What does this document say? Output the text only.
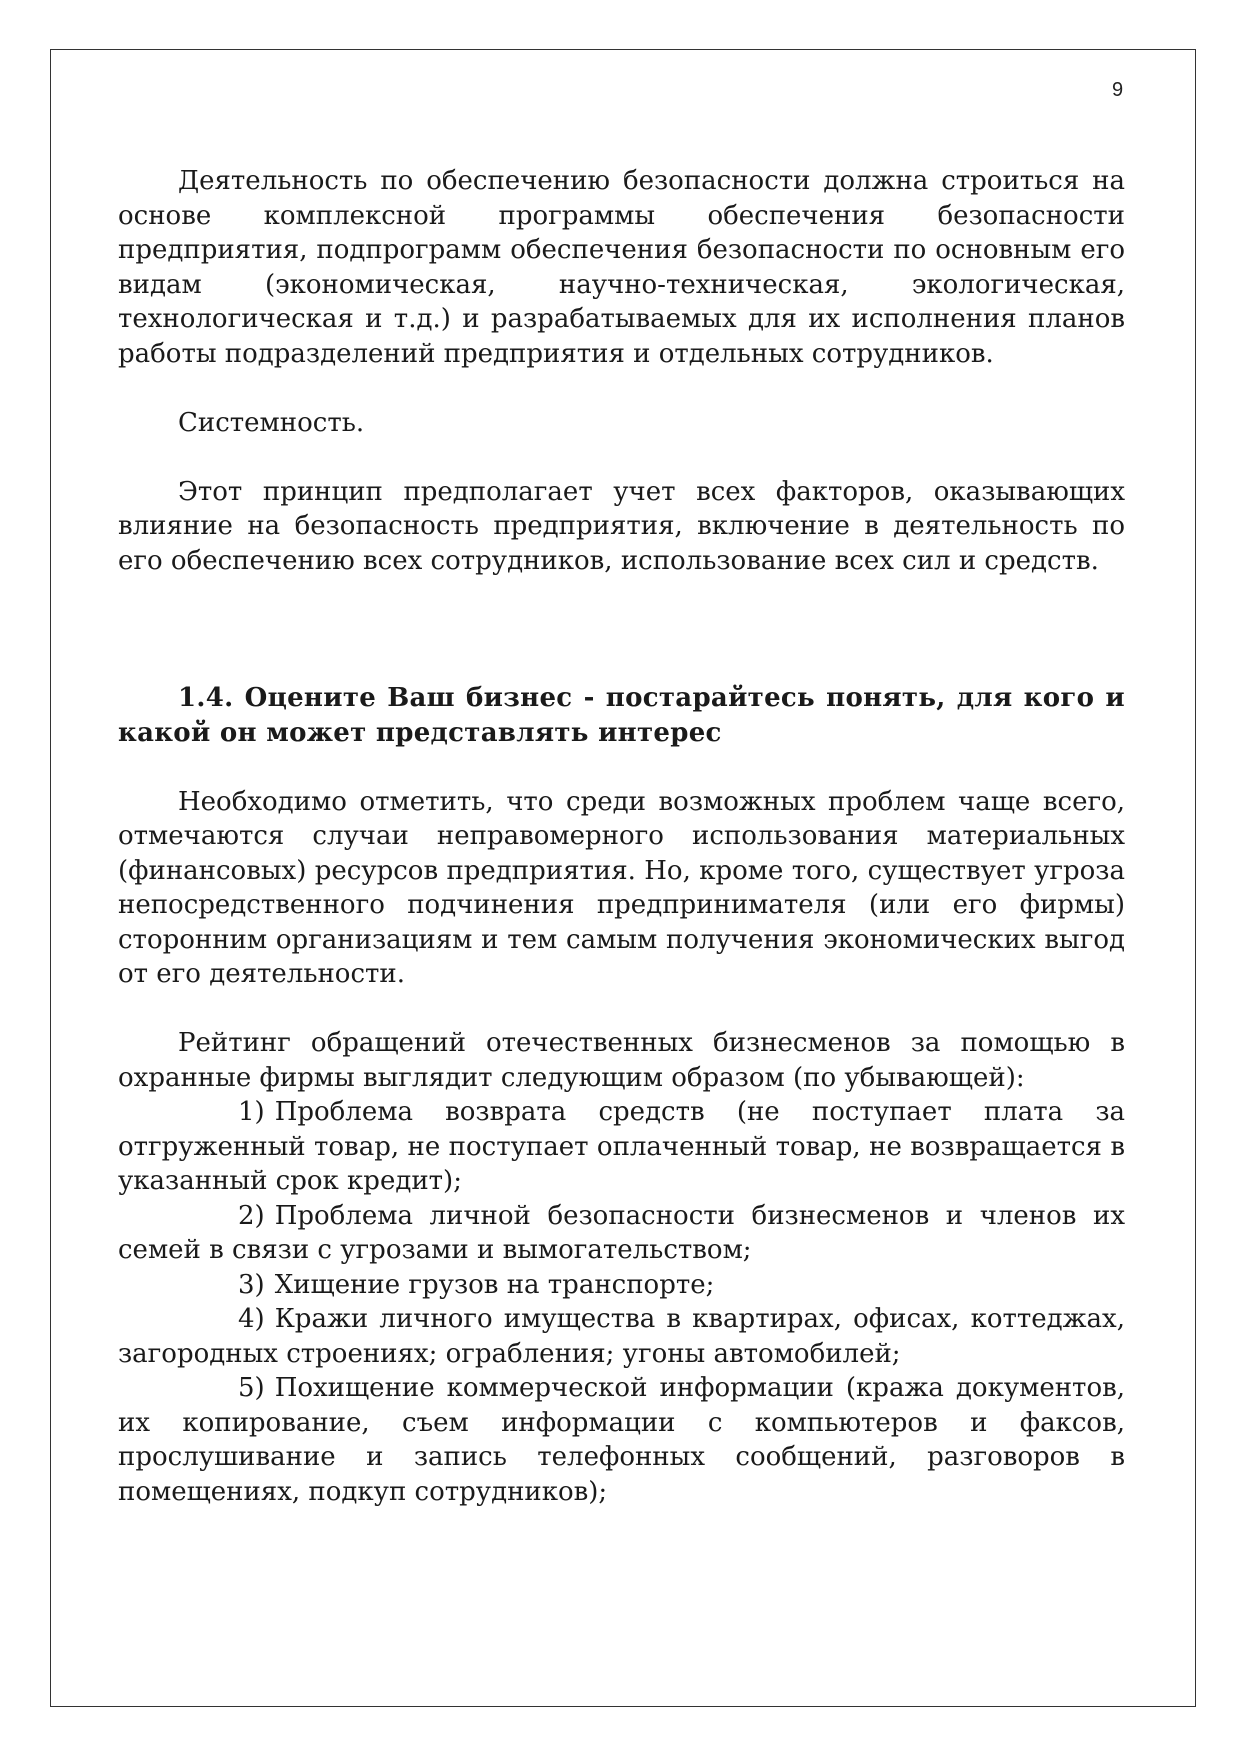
9

Деятельность по обеспечению безопасности должна строиться на основе комплексной программы обеспечения безопасности предприятия, подпрограмм обеспечения безопасности по основным его видам (экономическая, научно-техническая, экологическая, технологическая и т.д.) и разрабатываемых для их исполнения планов работы подразделений предприятия и отдельных сотрудников.

Системность.

Этот принцип предполагает учет всех факторов, оказывающих влияние на безопасность предприятия, включение в деятельность по его обеспечению всех сотрудников, использование всех сил и средств.

1.4. Оцените Ваш бизнес - постарайтесь понять, для кого и какой он может представлять интерес

Необходимо отметить, что среди возможных проблем чаще всего, отмечаются случаи неправомерного использования материальных (финансовых) ресурсов предприятия. Но, кроме того, существует угроза непосредственного подчинения предпринимателя (или его фирмы) сторонним организациям и тем самым получения экономических выгод от его деятельности.

Рейтинг обращений отечественных бизнесменов за помощью в охранные фирмы выглядит следующим образом (по убывающей):

1) Проблема возврата средств (не поступает плата за отгруженный товар, не поступает оплаченный товар, не возвращается в указанный срок кредит);
2) Проблема личной безопасности бизнесменов и членов их семей в связи с угрозами и вымогательством;
3) Хищение грузов на транспорте;
4) Кражи личного имущества в квартирах, офисах, коттеджах, загородных строениях; ограбления; угоны автомобилей;
5) Похищение коммерческой информации (кража документов, их копирование, съем информации с компьютеров и факсов, прослушивание и запись телефонных сообщений, разговоров в помещениях, подкуп сотрудников);
